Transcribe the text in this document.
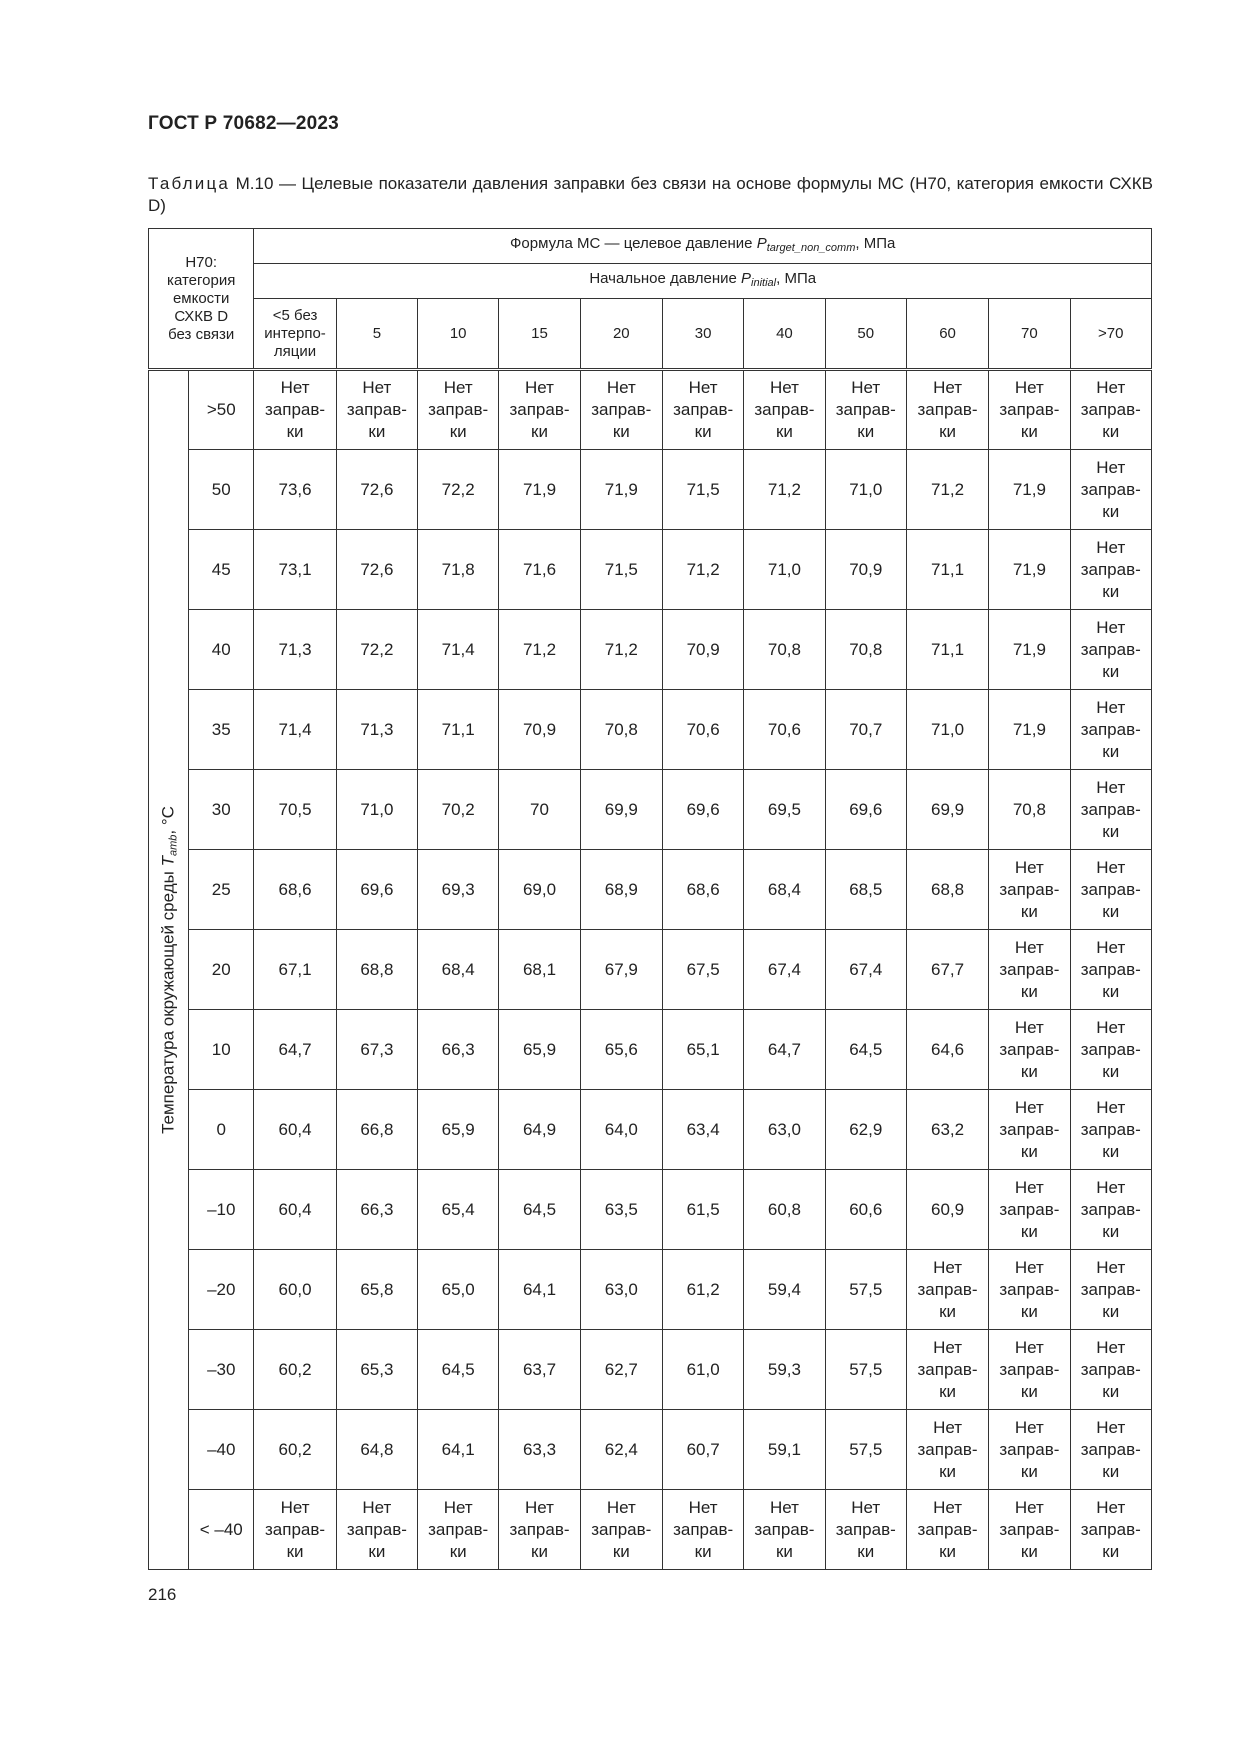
ГОСТ Р 70682—2023
Таблица М.10 — Целевые показатели давления заправки без связи на основе формулы МС (Н70, категория емкости СХКВ D)
Н70:
категория
емкости
СХКВ D
без связи		Формула МС — целевое давление $P_{target\_non\_comm}$, МПа										
		Начальное давление $P_{initial}$, МПа										
		<5 без интерпо-ляции	5	10	15	20	30	40	50	60	70	>70

Температура окружающей среды $T_{amb}$, °C	>50	Нет
заправ-
ки	Нет
заправ-
ки	Нет
заправ-
ки	Нет
заправ-
ки	Нет
заправ-
ки	Нет
заправ-
ки	Нет
заправ-
ки	Нет
заправ-
ки	Нет
заправ-
ки	Нет
заправ-
ки	Нет
заправ-
ки

	50	73,6	72,6	72,2	71,9	71,9	71,5	71,2	71,0	71,2	71,9	Нет
заправ-
ки

	45	73,1	72,6	71,8	71,6	71,5	71,2	71,0	70,9	71,1	71,9	Нет
заправ-
ки

	40	71,3	72,2	71,4	71,2	71,2	70,9	70,8	70,8	71,1	71,9	Нет
заправ-
ки

	35	71,4	71,3	71,1	70,9	70,8	70,6	70,6	70,7	71,0	71,9	Нет
заправ-
ки

	30	70,5	71,0	70,2	70	69,9	69,6	69,5	69,6	69,9	70,8	Нет
заправ-
ки

	25	68,6	69,6	69,3	69,0	68,9	68,6	68,4	68,5	68,8	Нет
заправ-
ки	Нет
заправ-
ки

	20	67,1	68,8	68,4	68,1	67,9	67,5	67,4	67,4	67,7	Нет
заправ-
ки	Нет
заправ-
ки

	10	64,7	67,3	66,3	65,9	65,6	65,1	64,7	64,5	64,6	Нет
заправ-
ки	Нет
заправ-
ки

	0	60,4	66,8	65,9	64,9	64,0	63,4	63,0	62,9	63,2	Нет
заправ-
ки	Нет
заправ-
ки

	–10	60,4	66,3	65,4	64,5	63,5	61,5	60,8	60,6	60,9	Нет
заправ-
ки	Нет
заправ-
ки

	–20	60,0	65,8	65,0	64,1	63,0	61,2	59,4	57,5	Нет
заправ-
ки	Нет
заправ-
ки	Нет
заправ-
ки

	–30	60,2	65,3	64,5	63,7	62,7	61,0	59,3	57,5	Нет
заправ-
ки	Нет
заправ-
ки	Нет
заправ-
ки

	–40	60,2	64,8	64,1	63,3	62,4	60,7	59,1	57,5	Нет
заправ-
ки	Нет
заправ-
ки	Нет
заправ-
ки

	< –40	Нет
заправ-
ки	Нет
заправ-
ки	Нет
заправ-
ки	Нет
заправ-
ки	Нет
заправ-
ки	Нет
заправ-
ки	Нет
заправ-
ки	Нет
заправ-
ки	Нет
заправ-
ки	Нет
заправ-
ки	Нет
заправ-
ки
216
